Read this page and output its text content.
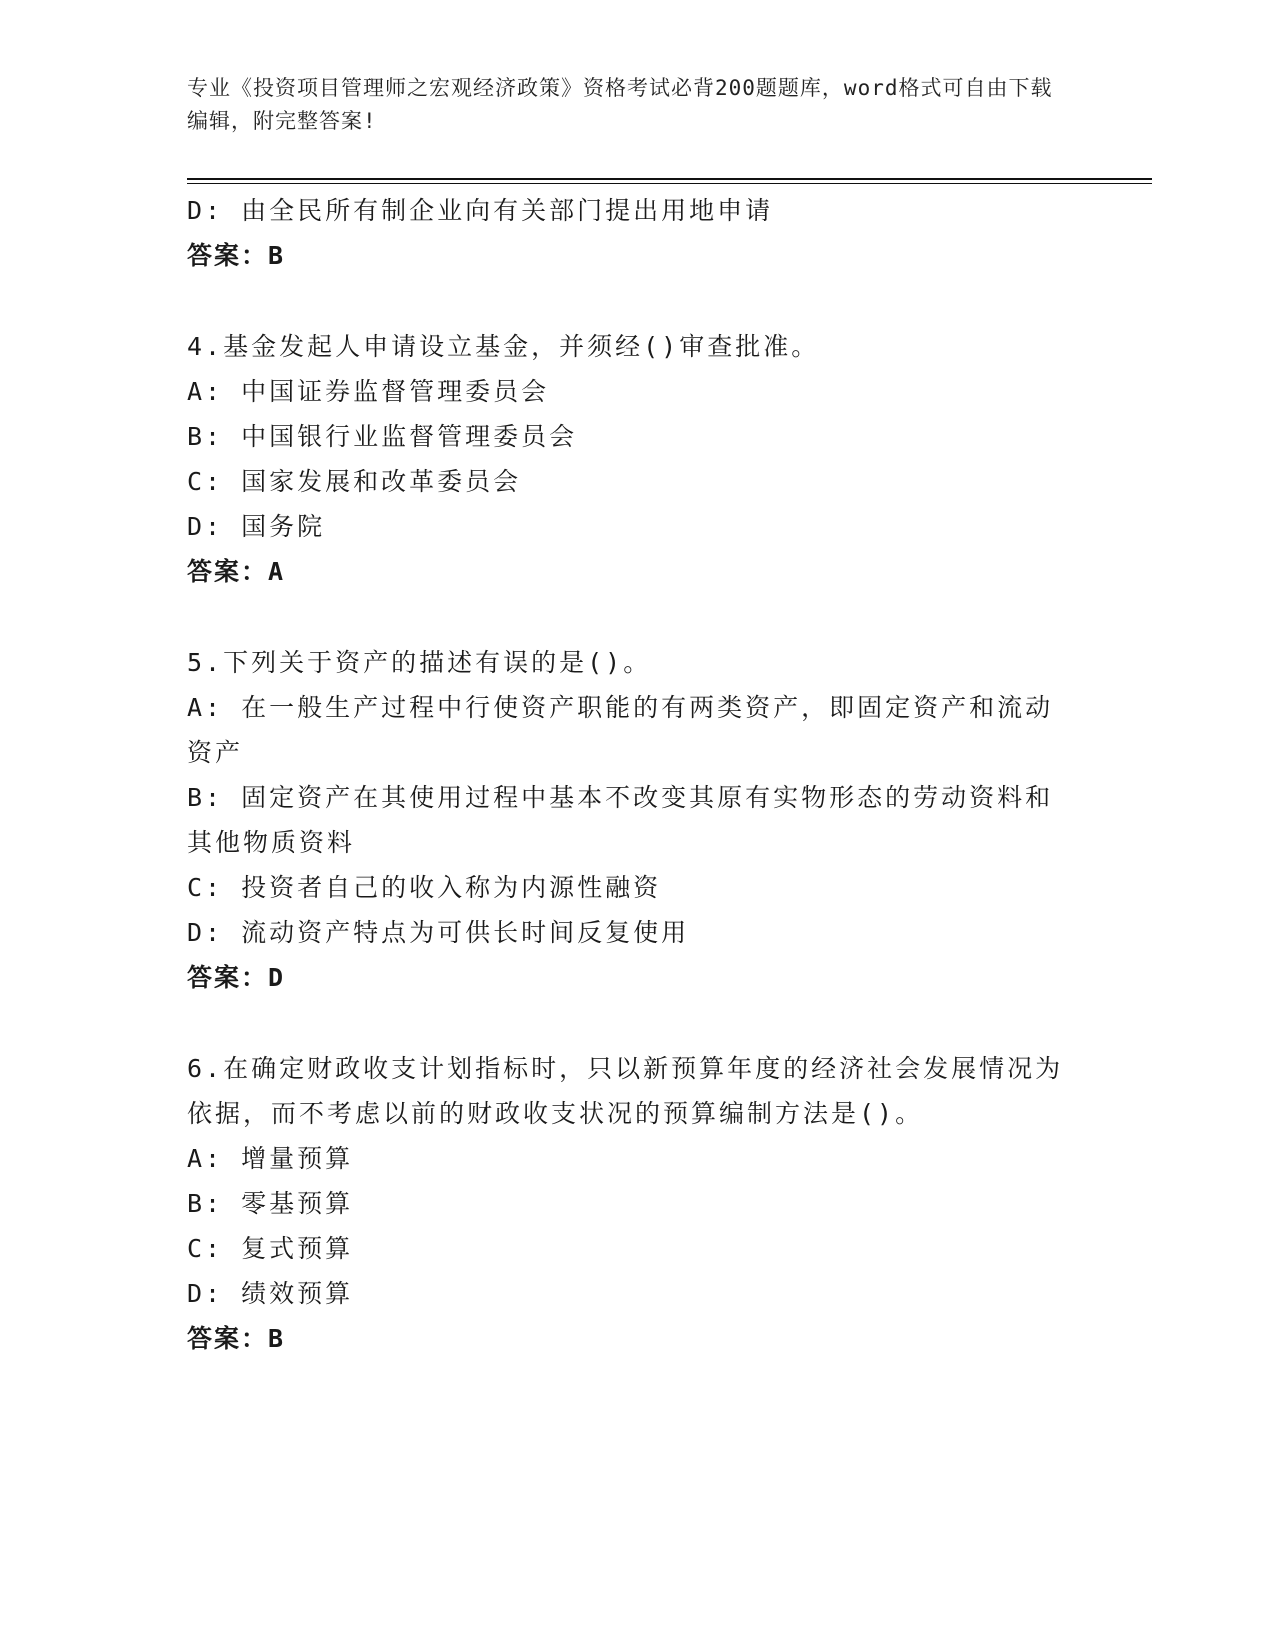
专业《投资项目管理师之宏观经济政策》资格考试必背200题题库，word格式可自由下载编辑，附完整答案!

D: 由全民所有制企业向有关部门提出用地申请

答案：B

4.基金发起人申请设立基金，并须经()审查批准。

A: 中国证券监督管理委员会

B: 中国银行业监督管理委员会

C: 国家发展和改革委员会

D: 国务院

答案：A

5.下列关于资产的描述有误的是()。

A: 在一般生产过程中行使资产职能的有两类资产，即固定资产和流动资产

B: 固定资产在其使用过程中基本不改变其原有实物形态的劳动资料和其他物质资料

C: 投资者自己的收入称为内源性融资

D: 流动资产特点为可供长时间反复使用

答案：D

6.在确定财政收支计划指标时，只以新预算年度的经济社会发展情况为依据，而不考虑以前的财政收支状况的预算编制方法是()。

A: 增量预算

B: 零基预算

C: 复式预算

D: 绩效预算

答案：B
